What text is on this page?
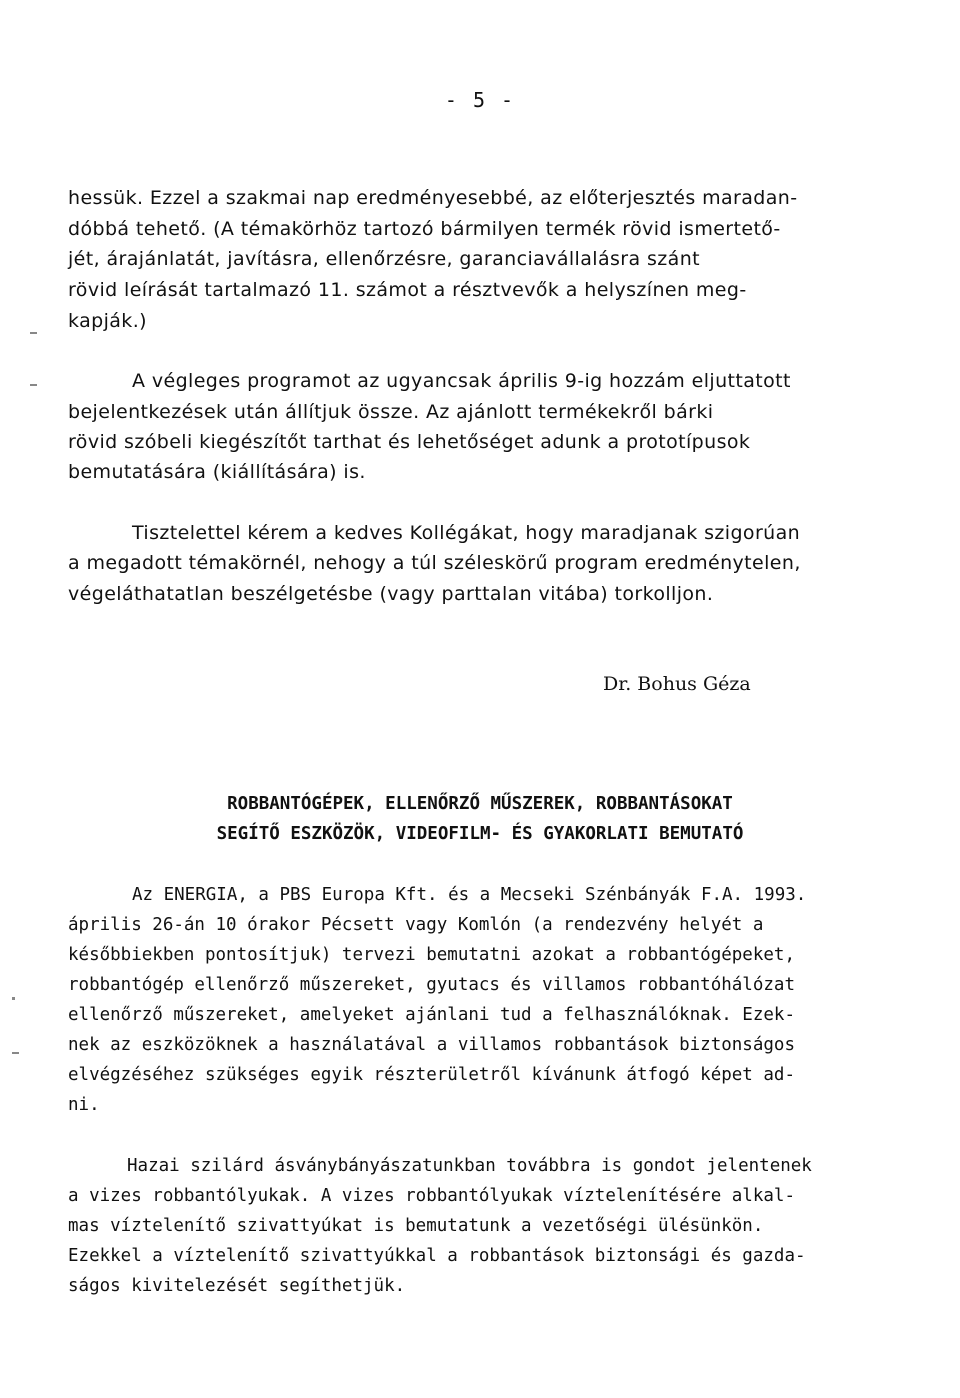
- 5 -
hessük. Ezzel a szakmai nap eredményesebbé, az előterjesztés maradan-
dóbbá tehető. (A témakörhöz tartozó bármilyen termék rövid ismertető-
jét, árajánlatát, javításra, ellenőrzésre, garanciavállalásra szánt
rövid leírását tartalmazó 11. számot a résztvevők a helyszínen meg-
kapják.)
A végleges programot az ugyancsak április 9-ig hozzám eljuttatott
bejelentkezések után állítjuk össze. Az ajánlott termékekről bárki
rövid szóbeli kiegészítőt tarthat és lehetőséget adunk a prototípusok
bemutatására (kiállítására) is.
Tisztelettel kérem a kedves Kollégákat, hogy maradjanak szigorúan
a megadott témakörnél, nehogy a túl széleskörű program eredménytelen,
végeláthatatlan beszélgetésbe (vagy parttalan vitába) torkolljon.
Dr. Bohus Géza
ROBBANTÓGÉPEK, ELLENŐRZŐ MŰSZEREK, ROBBANTÁSOKAT
SEGÍTŐ ESZKÖZÖK, VIDEOFILM- ÉS GYAKORLATI BEMUTATÓ
Az ENERGIA, a PBS Europa Kft. és a Mecseki Szénbányák F.A. 1993.
április 26-án 10 órakor Pécsett vagy Komlón (a rendezvény helyét a
későbbiekben pontosítjuk) tervezi bemutatni azokat a robbantógépeket,
robbantógép ellenőrző műszereket, gyutacs és villamos robbantóhálózat
ellenőrző műszereket, amelyeket ajánlani tud a felhasználóknak. Ezek-
nek az eszközöknek a használatával a villamos robbantások biztonságos
elvégzéséhez szükséges egyik részterületről kívánunk átfogó képet ad-
ni.
Hazai szilárd ásványbányászatunkban továbbra is gondot jelentenek
a vizes robbantólyukak. A vizes robbantólyukak víztelenítésére alkal-
mas víztelenítő szivattyúkat is bemutatunk a vezetőségi ülésünkön.
Ezekkel a víztelenítő szivattyúkkal a robbantások biztonsági és gazda-
ságos kivitelezését segíthetjük.
